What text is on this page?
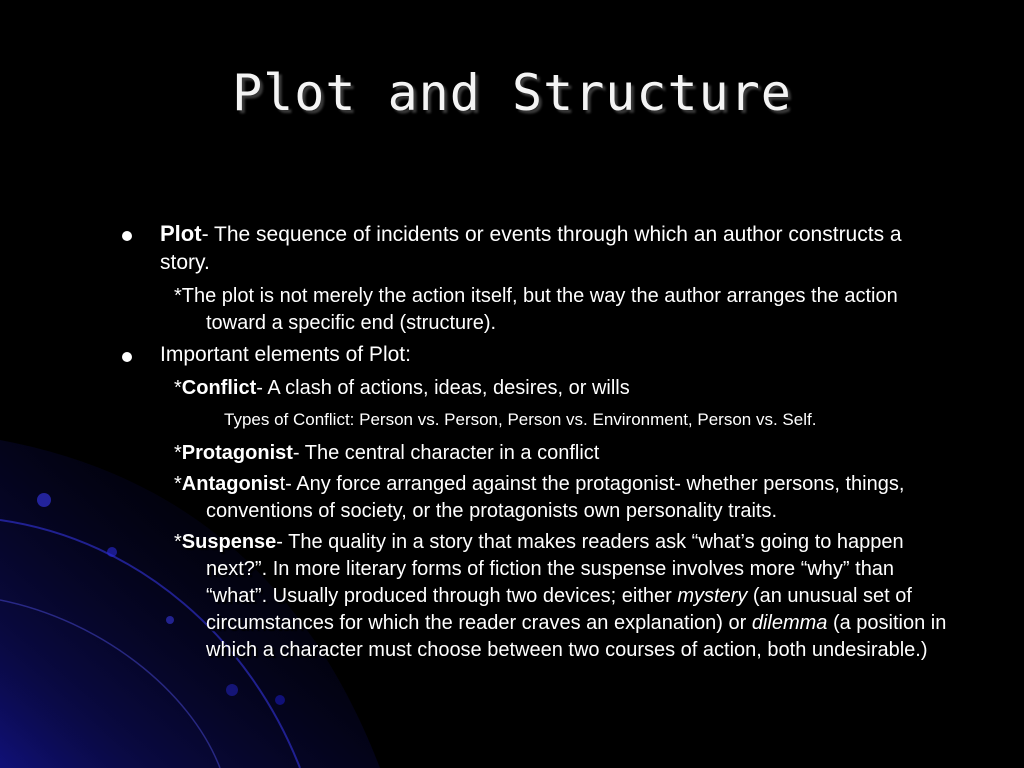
Plot and Structure
Plot- The sequence of incidents or events through which an author constructs a story.
*The plot is not merely the action itself, but the way the author arranges the action toward a specific end (structure).
Important elements of Plot:
*Conflict- A clash of actions, ideas, desires, or wills
Types of Conflict: Person vs. Person, Person vs. Environment, Person vs. Self.
*Protagonist- The central character in a conflict
*Antagonist- Any force arranged against the protagonist- whether persons, things, conventions of society, or the protagonists own personality traits.
*Suspense- The quality in a story that makes readers ask “what’s going to happen next?”. In more literary forms of fiction the suspense involves more “why” than “what”. Usually produced through two devices; either mystery (an unusual set of circumstances for which the reader craves an explanation) or dilemma (a position in which a character must choose between two courses of action, both undesirable.)
